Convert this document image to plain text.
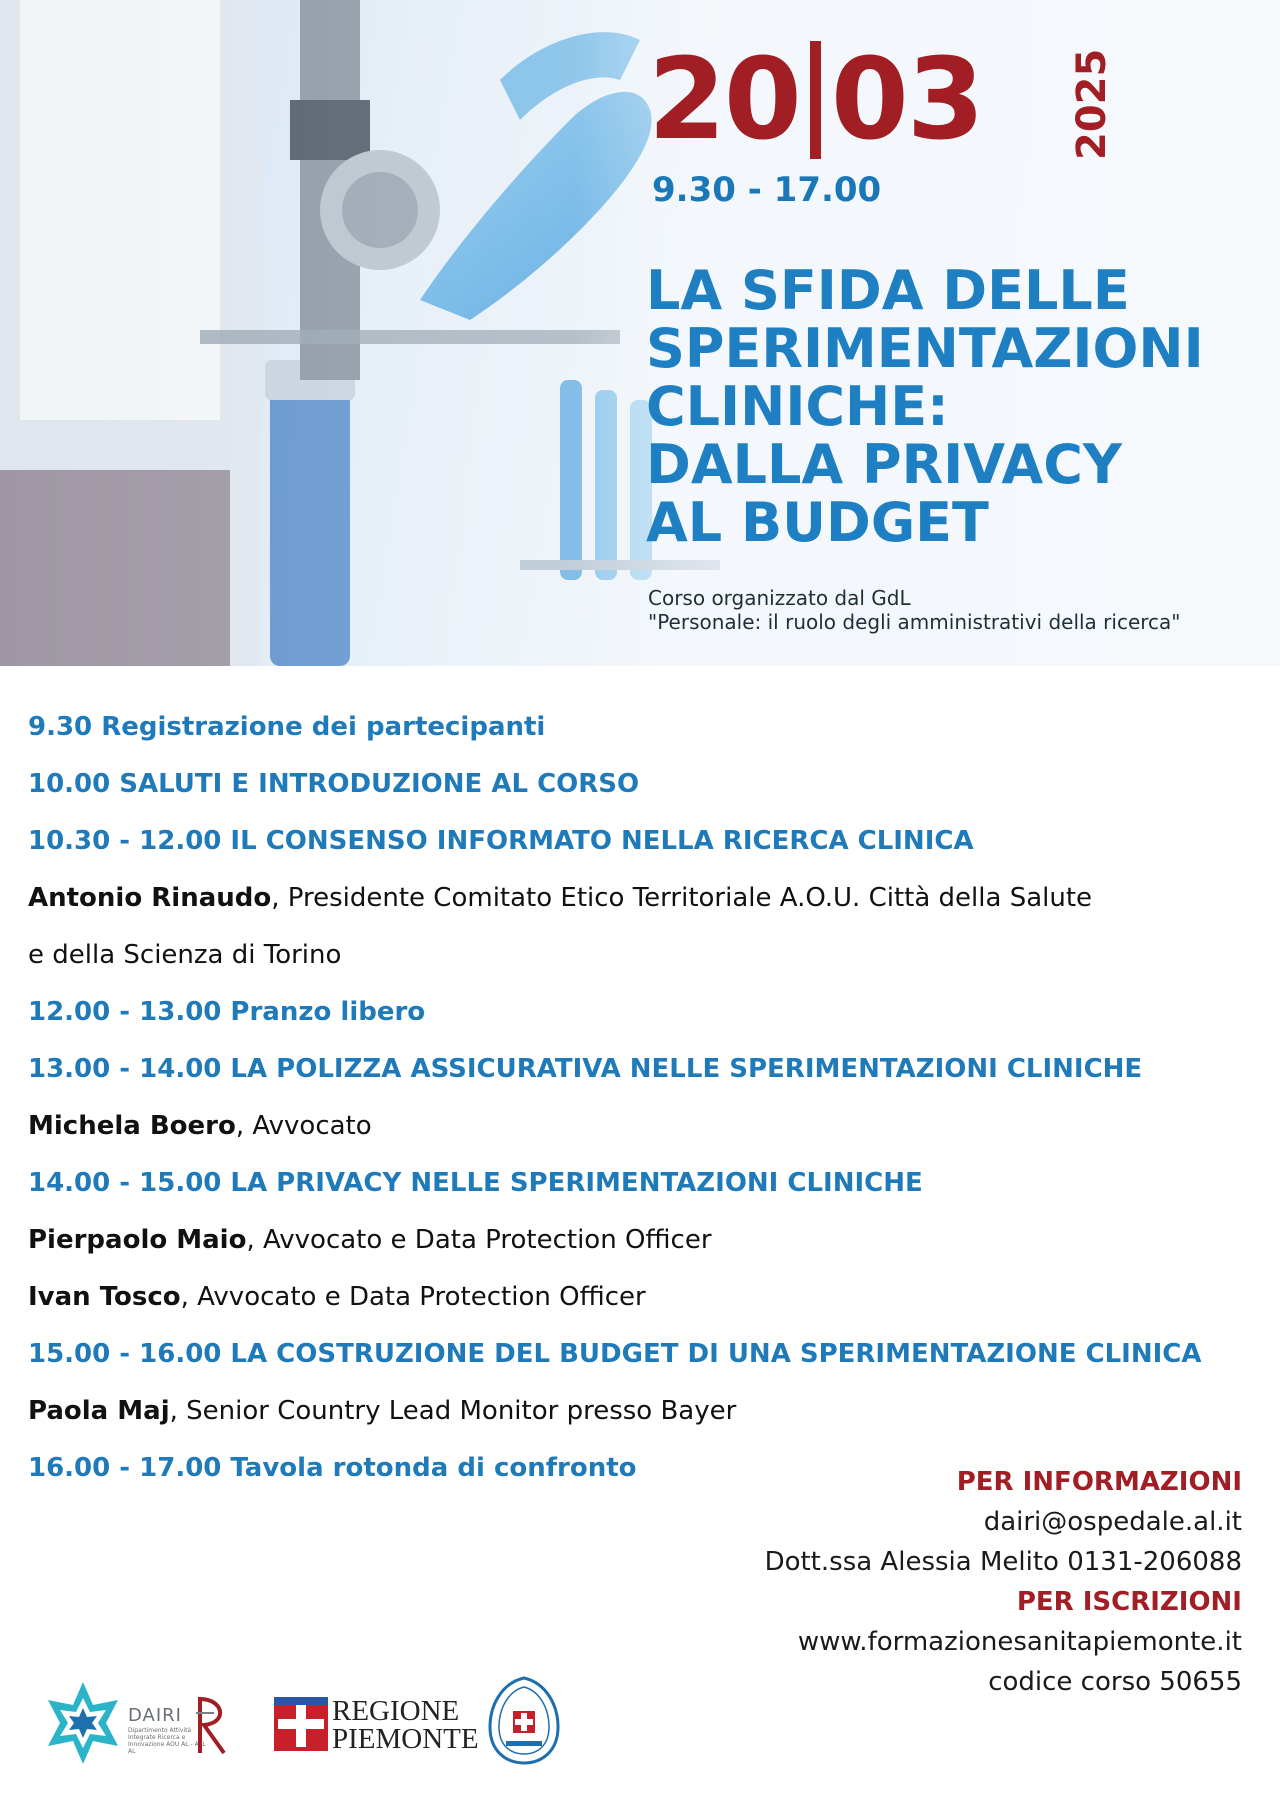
20 03 2025
9.30 - 17.00
LA SFIDA DELLE
SPERIMENTAZIONI
CLINICHE:
DALLA PRIVACY
AL BUDGET
Corso organizzato dal GdL
"Personale: il ruolo degli amministrativi della ricerca"
9.30 Registrazione dei partecipanti
10.00 SALUTI E INTRODUZIONE AL CORSO
10.30 - 12.00 IL CONSENSO INFORMATO NELLA RICERCA CLINICA
Antonio Rinaudo, Presidente Comitato Etico Territoriale A.O.U. Città della Salute
e della Scienza di Torino
12.00 - 13.00 Pranzo libero
13.00 - 14.00 LA POLIZZA ASSICURATIVA NELLE SPERIMENTAZIONI CLINICHE
Michela Boero, Avvocato
14.00 - 15.00 LA PRIVACY NELLE SPERIMENTAZIONI CLINICHE
Pierpaolo Maio, Avvocato e Data Protection Officer
Ivan Tosco, Avvocato e Data Protection Officer
15.00 - 16.00 LA COSTRUZIONE DEL BUDGET DI UNA SPERIMENTAZIONE CLINICA
Paola Maj, Senior Country Lead Monitor presso Bayer
16.00 - 17.00 Tavola rotonda di confronto	PER INFORMAZIONI
dairi@ospedale.al.it
Dott.ssa Alessia Melito 0131-206088
PER ISCRIZIONI
www.formazionesanitapiemonte.it
codice corso 50655
DAIRI
Dipartimento Attività Integrate Ricerca e Innovazione AOU AL - ASL AL
REGIONE
PIEMONTE
